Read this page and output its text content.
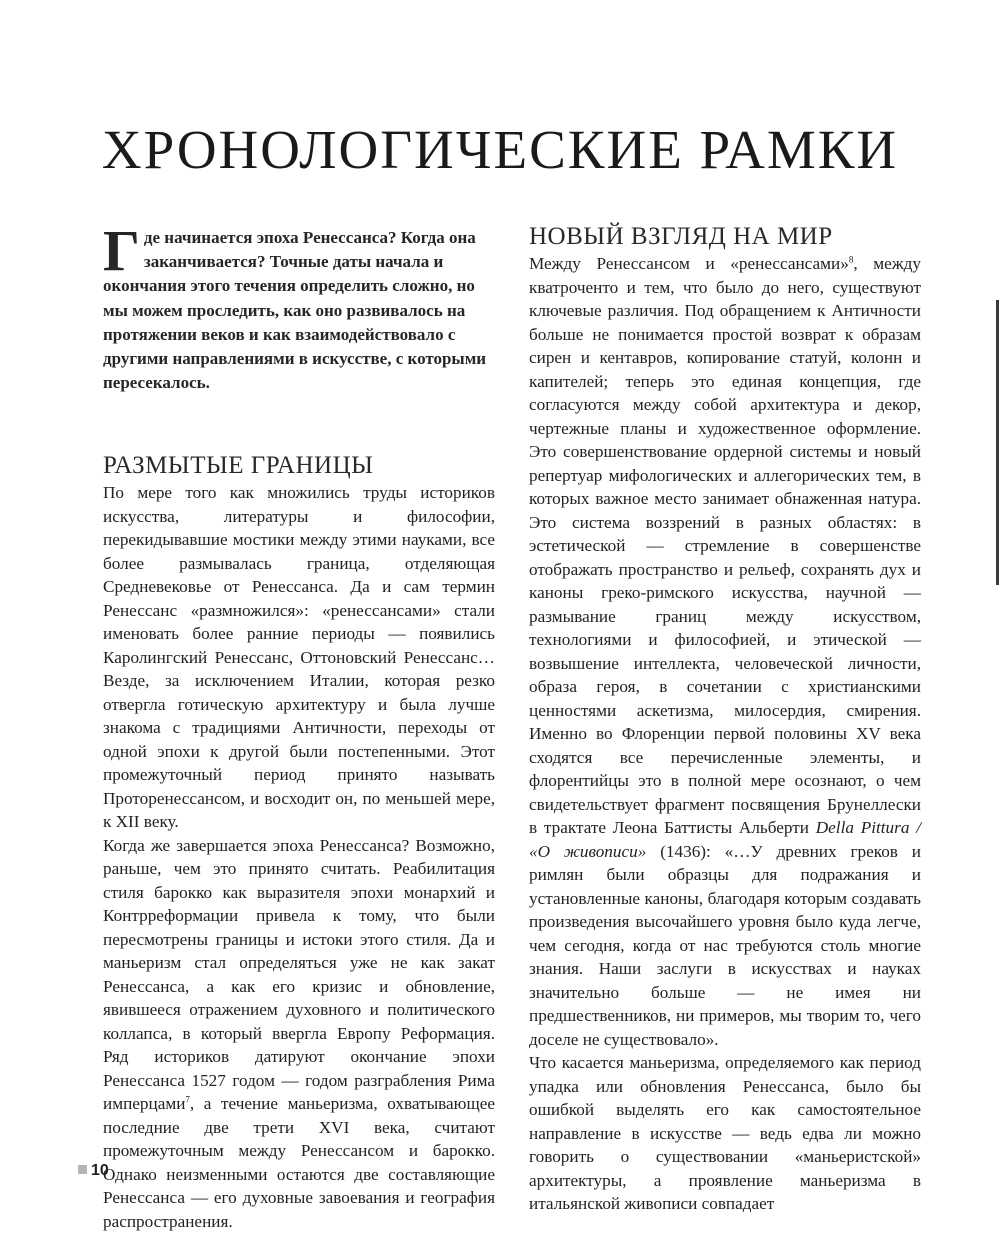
ХРОНОЛОГИЧЕСКИЕ РАМКИ

Где начинается эпоха Ренессанса? Когда она заканчивается? Точные даты начала и окончания этого течения определить сложно, но мы можем проследить, как оно развивалось на протяжении веков и как взаимодействовало с другими направлениями в искусстве, с которыми пересекалось.

РАЗМЫТЫЕ ГРАНИЦЫ

По мере того как множились труды историков искусства, литературы и философии, перекидывавшие мостики между этими науками, все более размывалась граница, отделяющая Средневековье от Ренессанса. Да и сам термин Ренессанс «размножился»: «ренессансами» стали именовать более ранние периоды — появились Каролингский Ренессанс, Оттоновский Ренессанс… Везде, за исключением Италии, которая резко отвергла готическую архитектуру и была лучше знакома с традициями Античности, переходы от одной эпохи к другой были постепенными. Этот промежуточный период принято называть Проторенессансом, и восходит он, по меньшей мере, к XII веку.

Когда же завершается эпоха Ренессанса? Возможно, раньше, чем это принято считать. Реабилитация стиля барокко как выразителя эпохи монархий и Контрреформации привела к тому, что были пересмотрены границы и истоки этого стиля. Да и маньеризм стал определяться уже не как закат Ренессанса, а как его кризис и обновление, явившееся отражением духовного и политического коллапса, в который ввергла Европу Реформация. Ряд историков датируют окончание эпохи Ренессанса 1527 годом — годом разграбления Рима имперцами$^7$, а течение маньеризма, охватывающее последние две трети XVI века, считают промежуточным между Ренессансом и барокко. Однако неизменными остаются две составляющие Ренессанса — его духовные завоевания и география распространения.

НОВЫЙ ВЗГЛЯД НА МИР

Между Ренессансом и «ренессансами»$^8$, между кватроченто и тем, что было до него, существуют ключевые различия. Под обращением к Античности больше не понимается простой возврат к образам сирен и кентавров, копирование статуй, колонн и капителей; теперь это единая концепция, где согласуются между собой архитектура и декор, чертежные планы и художественное оформление. Это совершенствование ордерной системы и новый репертуар мифологических и аллегорических тем, в которых важное место занимает обнаженная натура. Это система воззрений в разных областях: в эстетической — стремление в совершенстве отображать пространство и рельеф, сохранять дух и каноны греко-римского искусства, научной — размывание границ между искусством, технологиями и философией, и этической — возвышение интеллекта, человеческой личности, образа героя, в сочетании с христианскими ценностями аскетизма, милосердия, смирения. Именно во Флоренции первой половины XV века сходятся все перечисленные элементы, и флорентийцы это в полной мере осознают, о чем свидетельствует фрагмент посвящения Брунеллески в трактате Леона Баттисты Альберти Della Pittura / «О живописи» (1436): «…У древних греков и римлян были образцы для подражания и установленные каноны, благодаря которым создавать произведения высочайшего уровня было куда легче, чем сегодня, когда от нас требуются столь многие знания. Наши заслуги в искусствах и науках значительно больше — не имея ни предшественников, ни примеров, мы творим то, чего доселе не существовало».

Что касается маньеризма, определяемого как период упадка или обновления Ренессанса, было бы ошибкой выделять его как самостоятельное направление в искусстве — ведь едва ли можно говорить о существовании «маньеристской» архитектуры, а проявление маньеризма в итальянской живописи совпадает

10
